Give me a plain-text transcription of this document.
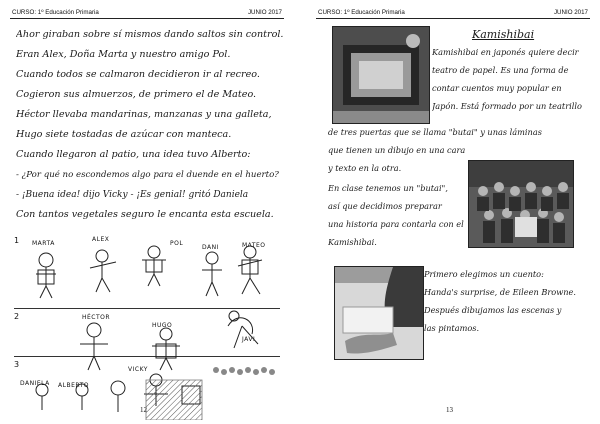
CURSO: 1º Educación Primaria	JUNIO 2017
Ahor giraban sobre sí mismos dando saltos sin control.
Eran Alex, Doña Marta y nuestro amigo Pol.
Cuando todos se calmaron decidieron ir al recreo.
Cogieron sus almuerzos, de primero el de Mateo.
Héctor llevaba mandarinas, manzanas y una galleta,
Hugo siete tostadas de azúcar con manteca.
Cuando llegaron al patio, una idea tuvo Alberto:
- ¿Por qué no escondemos algo para el duende en el huerto?
- ¡Buena idea! dijo Vicky - ¡Es genial! gritó Daniela
Con tantos vegetales seguro le encanta esta escuela.
1
2
3
MARTA
ALEX
POL
DANI	MATEO
HÉCTOR
HUGO
JAVI
VICKY
DANIELA ALBERTO
12
CURSO: 1º Educación Primaria	JUNIO 2017
Kamishibai
Kamishibai en japonés quiere decir
teatro de papel. Es una forma de
contar cuentos muy popular en
Japón. Está formado por un teatrillo
de tres puertas que se llama "butai" y unas láminas
que tienen un dibujo en una cara
y texto en la otra.
En clase tenemos un "butai",
así que decidimos preparar
una historia para contarla con el
Kamishibai.
Primero elegimos un cuento:
Handa's surprise, de Eileen Browne.
Después dibujamos las escenas y
las pintamos.
13
